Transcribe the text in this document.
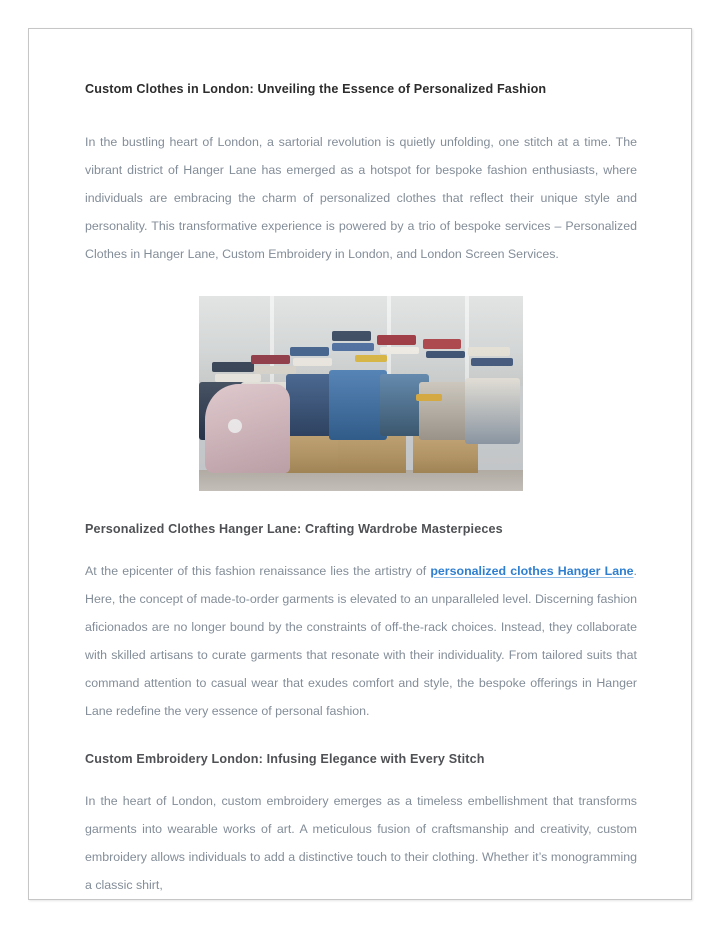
Custom Clothes in London: Unveiling the Essence of Personalized Fashion

In the bustling heart of London, a sartorial revolution is quietly unfolding, one stitch at a time. The vibrant district of Hanger Lane has emerged as a hotspot for bespoke fashion enthusiasts, where individuals are embracing the charm of personalized clothes that reflect their unique style and personality. This transformative experience is powered by a trio of bespoke services – Personalized Clothes in Hanger Lane, Custom Embroidery in London, and London Screen Services.

Personalized Clothes Hanger Lane: Crafting Wardrobe Masterpieces

At the epicenter of this fashion renaissance lies the artistry of personalized clothes Hanger Lane. Here, the concept of made-to-order garments is elevated to an unparalleled level. Discerning fashion aficionados are no longer bound by the constraints of off-the-rack choices. Instead, they collaborate with skilled artisans to curate garments that resonate with their individuality. From tailored suits that command attention to casual wear that exudes comfort and style, the bespoke offerings in Hanger Lane redefine the very essence of personal fashion.

Custom Embroidery London: Infusing Elegance with Every Stitch

In the heart of London, custom embroidery emerges as a timeless embellishment that transforms garments into wearable works of art. A meticulous fusion of craftsmanship and creativity, custom embroidery allows individuals to add a distinctive touch to their clothing. Whether it’s monogramming a classic shirt,
